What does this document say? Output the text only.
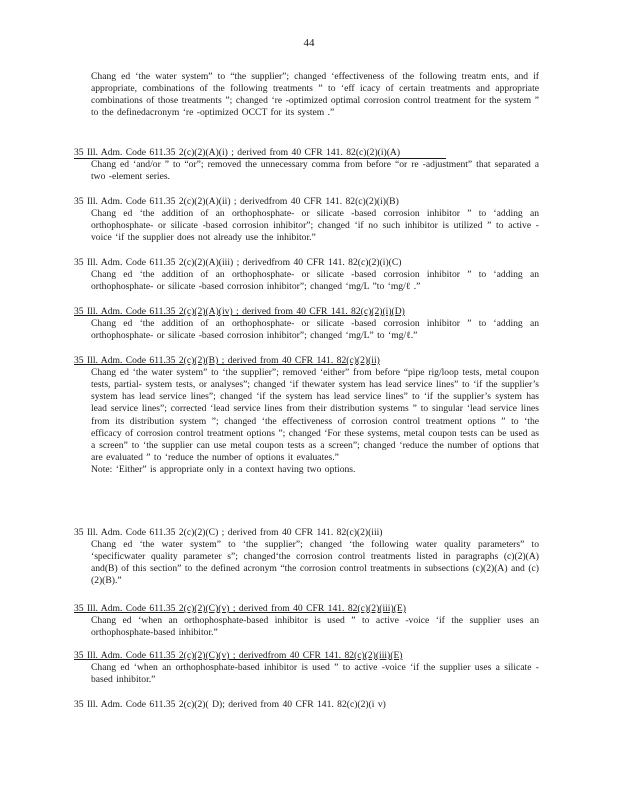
44
Chang ed ‘the water system” to “the supplier”; changed ‘effectiveness of the following treatm ents, and if appropriate, combinations of the following treatments ” to ‘eff icacy of certain treatments and appropriate combinations of those treatments ”; changed ‘re -optimized optimal corrosion control treatment for the system ” to the definedacronym ‘re -optimized OCCT for its system .”
35 Ill. Adm. Code 611.35 2(c)(2)(A)(i) ; derived from 40 CFR 141. 82(c)(2)(i)(A)
Chang ed ‘and/or ” to “or”; removed the unnecessary comma from before “or re -adjustment” that separated a two -element series.
35 Ill. Adm. Code 611.35 2(c)(2)(A)(ii) ; derivedfrom 40 CFR 141. 82(c)(2)(i)(B)
Chang ed ‘the addition of an orthophosphate- or silicate -based corrosion inhibitor ” to ‘adding an orthophosphate- or silicate -based corrosion inhibitor”; changed ‘if no such inhibitor is utilized ” to active -voice ‘if the supplier does not already use the inhibitor.”
35 Ill. Adm. Code 611.35 2(c)(2)(A)(iii) ; derivedfrom 40 CFR 141. 82(c)(2)(i)(C)
Chang ed ‘the addition of an orthophosphate- or silicate -based corrosion inhibitor ” to ‘adding an orthophosphate- or silicate -based corrosion inhibitor”; changed ‘mg/L ”to ‘mg/ℓ .”
35 Ill. Adm. Code 611.35 2(c)(2)(A)(iv) ; derived from 40 CFR 141. 82(c)(2)(i)(D)
Chang ed ‘the addition of an orthophosphate- or silicate -based corrosion inhibitor ” to ‘adding an orthophosphate- or silicate -based corrosion inhibitor”; changed ‘mg/L” to ‘mg/ℓ.”
35 Ill. Adm. Code 611.35 2(c)(2)(B) ; derived from 40 CFR 141. 82(c)(2)(ii)
Chang ed ‘the water system” to ‘the supplier”; removed ‘either” from before “pipe rig/loop tests, metal coupon tests, partial- system tests, or analyses”; changed ‘if thewater system has lead service lines” to ‘if the supplier’s system has lead service lines”; changed ‘if the system has lead service lines” to ‘if the supplier’s system has lead service lines”; corrected ‘lead service lines from their distribution systems ” to singular ‘lead service lines from its distribution system ”; changed ‘the effectiveness of corrosion control treatment options ” to ‘the efficacy of corrosion control treatment options ”; changed ‘For these systems, metal coupon tests can be used as a screen” to ‘the supplier can use metal coupon tests as a screen”; changed ‘reduce the number of options that are evaluated ” to ‘reduce the number of options it evaluates.”
Note: ‘Either” is appropriate only in a context having two options.
35 Ill. Adm. Code 611.35 2(c)(2)(C) ; derived from 40 CFR 141. 82(c)(2)(iii)
Chang ed ‘the water system” to ‘the supplier”; changed ‘the following water quality parameters” to ‘specificwater quality parameter s”; changed‘the corrosion control treatments listed in paragraphs (c)(2)(A) and(B) of this section” to the defined acronym “the corrosion control treatments in subsections (c)(2)(A) and (c)(2)(B).”
35 Ill. Adm. Code 611.35 2(c)(2)(C)(v) ; derived from 40 CFR 141. 82(c)(2)(iii)(E)
Chang ed ‘when an orthophosphate-based inhibitor is used ” to active -voice ‘if the supplier uses an orthophosphate-based inhibitor.”
35 Ill. Adm. Code 611.35 2(c)(2)(C)(v) ; derivedfrom 40 CFR 141. 82(c)(2)(iii)(E)
Chang ed ‘when an orthophosphate-based inhibitor is used ” to active -voice ‘if the supplier uses a silicate -based inhibitor.”
35 Ill. Adm. Code 611.35 2(c)(2)( D); derived from 40 CFR 141. 82(c)(2)(i v)
